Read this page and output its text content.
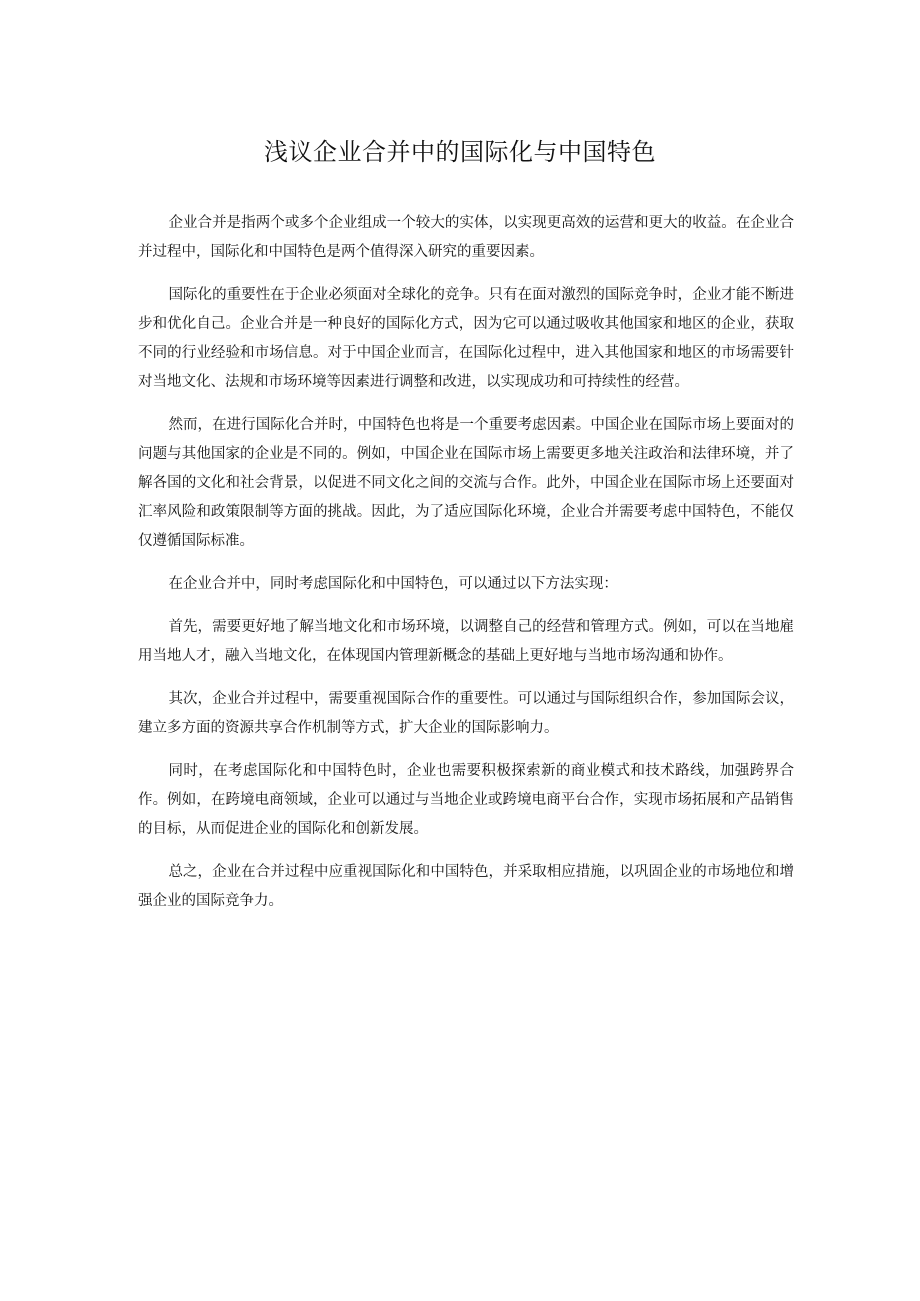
浅议企业合并中的国际化与中国特色

企业合并是指两个或多个企业组成一个较大的实体，以实现更高效的运营和更大的收益。在企业合并过程中，国际化和中国特色是两个值得深入研究的重要因素。

国际化的重要性在于企业必须面对全球化的竞争。只有在面对激烈的国际竞争时，企业才能不断进步和优化自己。企业合并是一种良好的国际化方式，因为它可以通过吸收其他国家和地区的企业，获取不同的行业经验和市场信息。对于中国企业而言，在国际化过程中，进入其他国家和地区的市场需要针对当地文化、法规和市场环境等因素进行调整和改进，以实现成功和可持续性的经营。

然而，在进行国际化合并时，中国特色也将是一个重要考虑因素。中国企业在国际市场上要面对的问题与其他国家的企业是不同的。例如，中国企业在国际市场上需要更多地关注政治和法律环境，并了解各国的文化和社会背景，以促进不同文化之间的交流与合作。此外，中国企业在国际市场上还要面对汇率风险和政策限制等方面的挑战。因此，为了适应国际化环境，企业合并需要考虑中国特色，不能仅仅遵循国际标准。

在企业合并中，同时考虑国际化和中国特色，可以通过以下方法实现：

首先，需要更好地了解当地文化和市场环境，以调整自己的经营和管理方式。例如，可以在当地雇用当地人才，融入当地文化，在体现国内管理新概念的基础上更好地与当地市场沟通和协作。

其次，企业合并过程中，需要重视国际合作的重要性。可以通过与国际组织合作，参加国际会议，建立多方面的资源共享合作机制等方式，扩大企业的国际影响力。

同时，在考虑国际化和中国特色时，企业也需要积极探索新的商业模式和技术路线，加强跨界合作。例如，在跨境电商领域，企业可以通过与当地企业或跨境电商平台合作，实现市场拓展和产品销售的目标，从而促进企业的国际化和创新发展。

总之，企业在合并过程中应重视国际化和中国特色，并采取相应措施，以巩固企业的市场地位和增强企业的国际竞争力。
